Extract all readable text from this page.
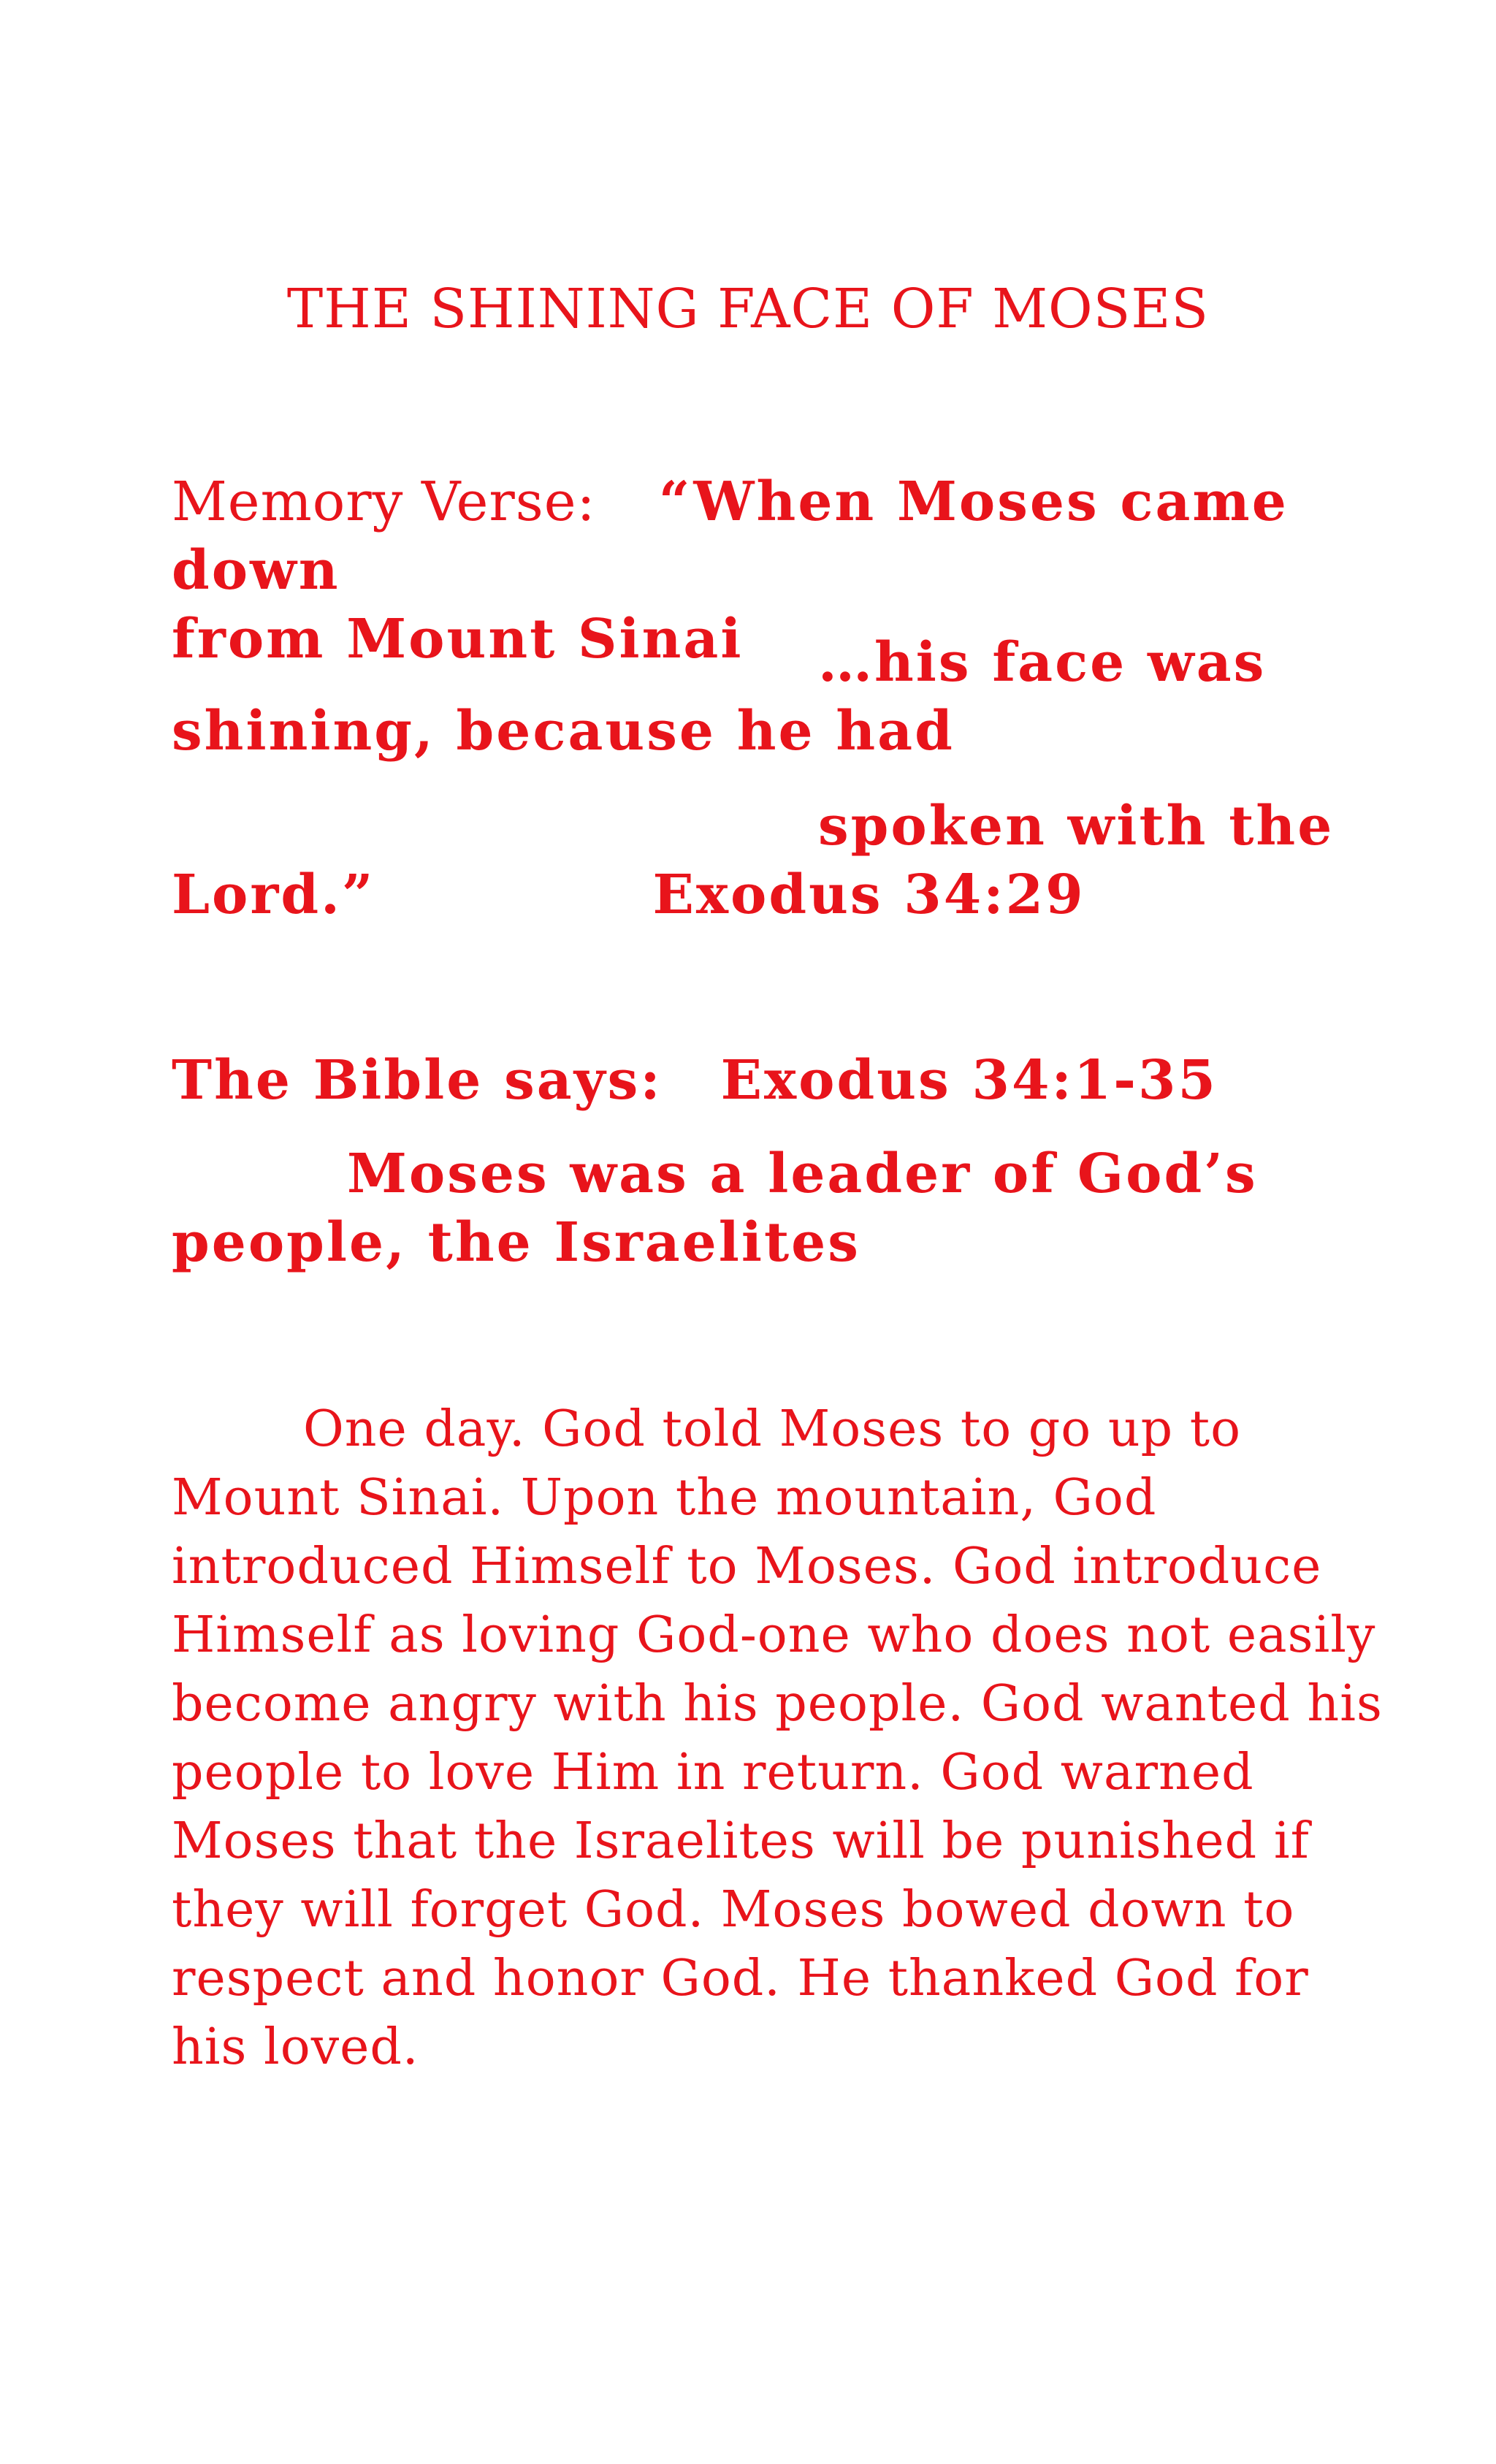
THE SHINING FACE OF MOSES
Memory Verse: “When Moses came down
from Mount Sinai	…his face was
shining, because he had
spoken with the
Lord.”	Exodus 34:29
The Bible says: Exodus 34:1-35
Moses was a leader of God’s
people, the Israelites
One day. God told Moses to go up to
Mount Sinai. Upon the mountain, God
introduced Himself to Moses. God introduce
Himself as loving God-one who does not easily
become angry with his people. God wanted his
people to love Him in return. God warned
Moses that the Israelites will be punished if
they will forget God. Moses bowed down to
respect and honor God. He thanked God for
his loved.
